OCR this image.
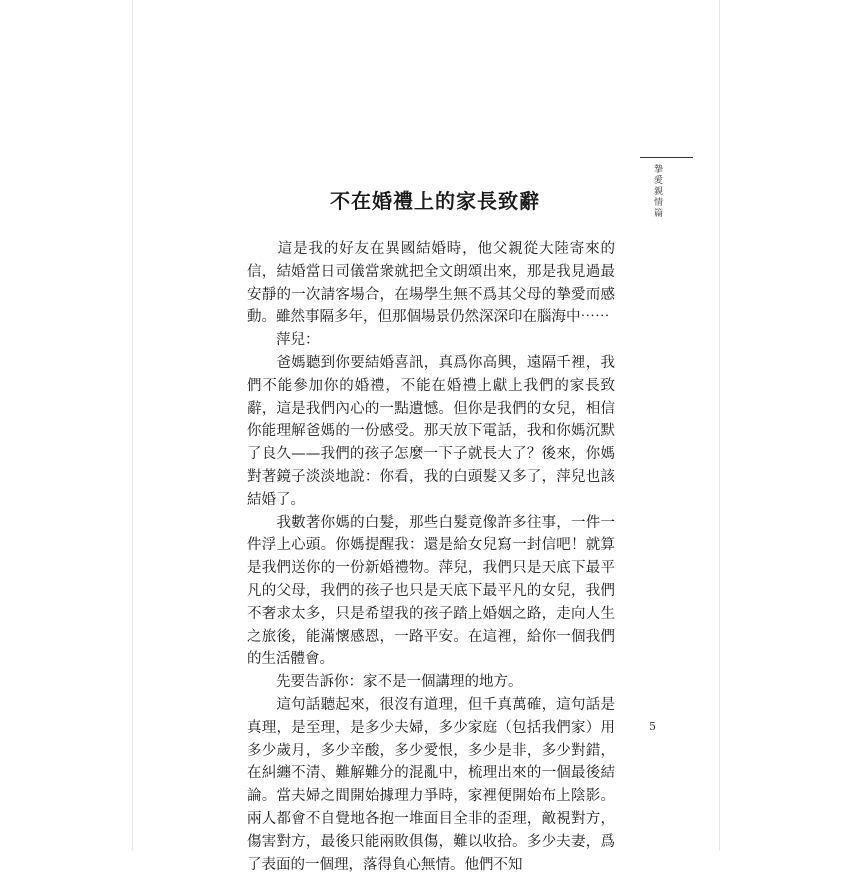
摯愛親情篇
不在婚禮上的家長致辭

　　這是我的好友在異國結婚時，他父親從大陸寄來的信，結婚當日司儀當衆就把全文朗頌出來，那是我見過最安靜的一次請客場合，在場學生無不爲其父母的摯愛而感動。雖然事隔多年，但那個場景仍然深深印在腦海中⋯⋯

　　萍兒：

　　爸媽聽到你要結婚喜訊，真爲你高興，遠隔千裡，我們不能參加你的婚禮，不能在婚禮上獻上我們的家長致辭，這是我們內心的一點遺憾。但你是我們的女兒，相信你能理解爸媽的一份感受。那天放下電話，我和你媽沉默了良久——我們的孩子怎麼一下子就長大了？後來，你媽對著鏡子淡淡地說：你看，我的白頭髮又多了，萍兒也該結婚了。

　　我數著你媽的白髮，那些白髮竟像許多往事，一件一件浮上心頭。你媽提醒我：還是給女兒寫一封信吧！就算是我們送你的一份新婚禮物。萍兒，我們只是天底下最平凡的父母，我們的孩子也只是天底下最平凡的女兒，我們不奢求太多，只是希望我的孩子踏上婚姻之路，走向人生之旅後，能滿懷感恩，一路平安。在這裡，給你一個我們的生活體會。

　　先要告訴你：家不是一個講理的地方。

　　這句話聽起來，很沒有道理，但千真萬確，這句話是真理，是至理，是多少夫婦，多少家庭（包括我們家）用多少歲月，多少辛酸，多少愛恨，多少是非，多少對錯，在糾纏不清、難解難分的混亂中，梳理出來的一個最後結論。當夫婦之間開始據理力爭時，家裡便開始布上陰影。兩人都會不自覺地各抱一堆面目全非的歪理，敵視對方，傷害對方，最後只能兩敗俱傷，難以收拾。多少夫妻，爲了表面的一個理，落得負心無情。他們不知

5
